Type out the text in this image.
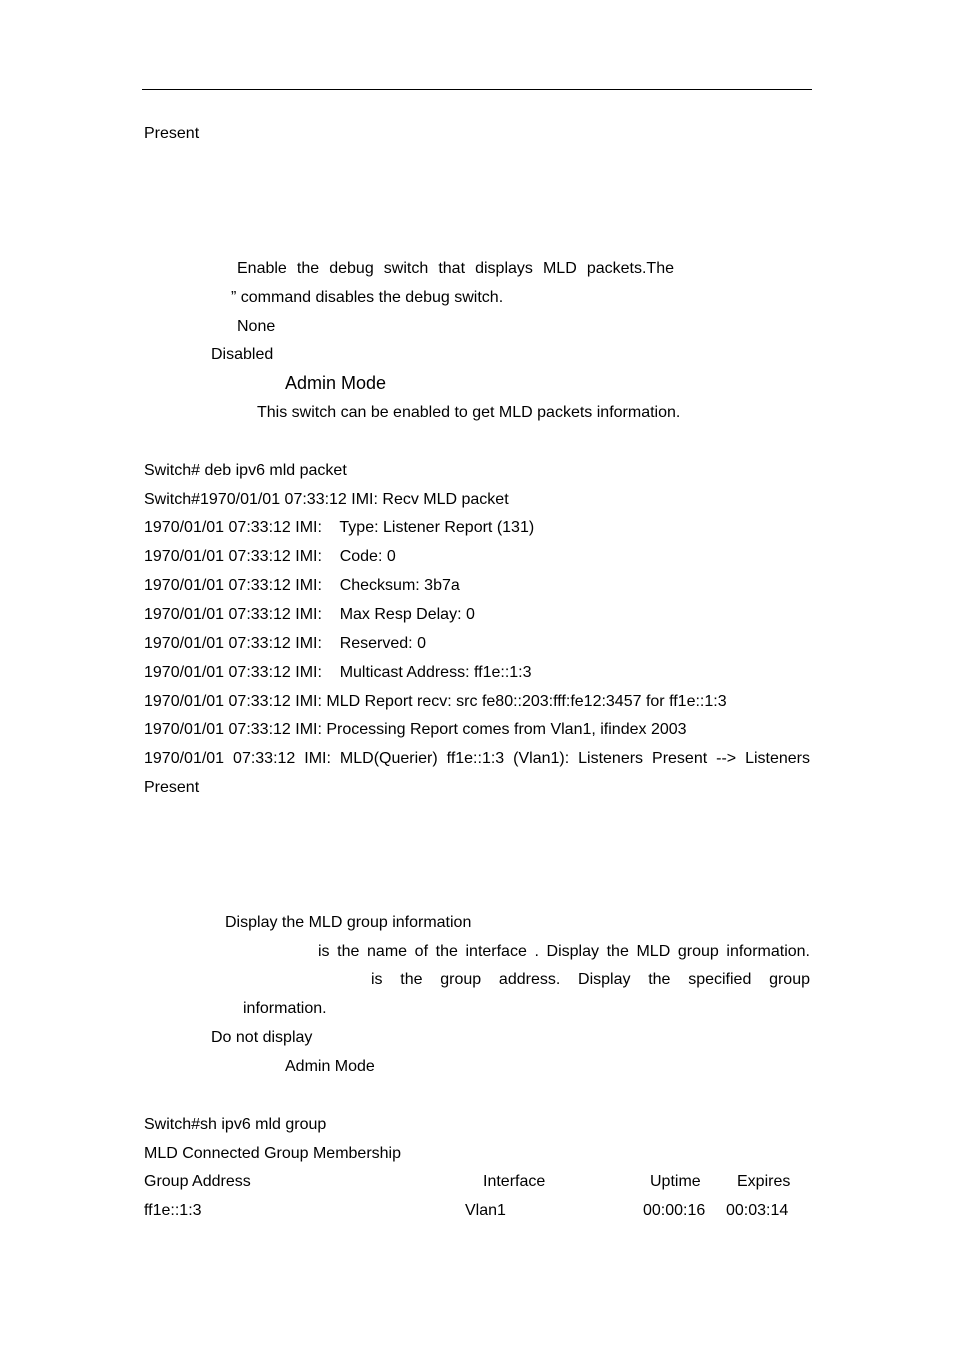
Present
Enable the debug switch that displays MLD packets.The
” command disables the debug switch.
None
Disabled
Admin Mode
This switch can be enabled to get MLD packets information.
Switch# deb ipv6 mld packet
Switch#1970/01/01 07:33:12 IMI: Recv MLD packet
1970/01/01 07:33:12 IMI:    Type: Listener Report (131)
1970/01/01 07:33:12 IMI:    Code: 0
1970/01/01 07:33:12 IMI:    Checksum: 3b7a
1970/01/01 07:33:12 IMI:    Max Resp Delay: 0
1970/01/01 07:33:12 IMI:    Reserved: 0
1970/01/01 07:33:12 IMI:    Multicast Address: ff1e::1:3
1970/01/01 07:33:12 IMI: MLD Report recv: src fe80::203:fff:fe12:3457 for ff1e::1:3
1970/01/01 07:33:12 IMI: Processing Report comes from Vlan1, ifindex 2003
1970/01/01 07:33:12 IMI: MLD(Querier) ff1e::1:3 (Vlan1): Listeners Present --> Listeners
Present
Display the MLD group information
is the name of the interface . Display the MLD group information.
is the group address. Display the specified group
information.
Do not display
Admin Mode
Switch#sh ipv6 mld group
MLD Connected Group Membership
Group Address	Interface	Uptime Expires
ff1e::1:3	Vlan1	00:00:16 00:03:14
